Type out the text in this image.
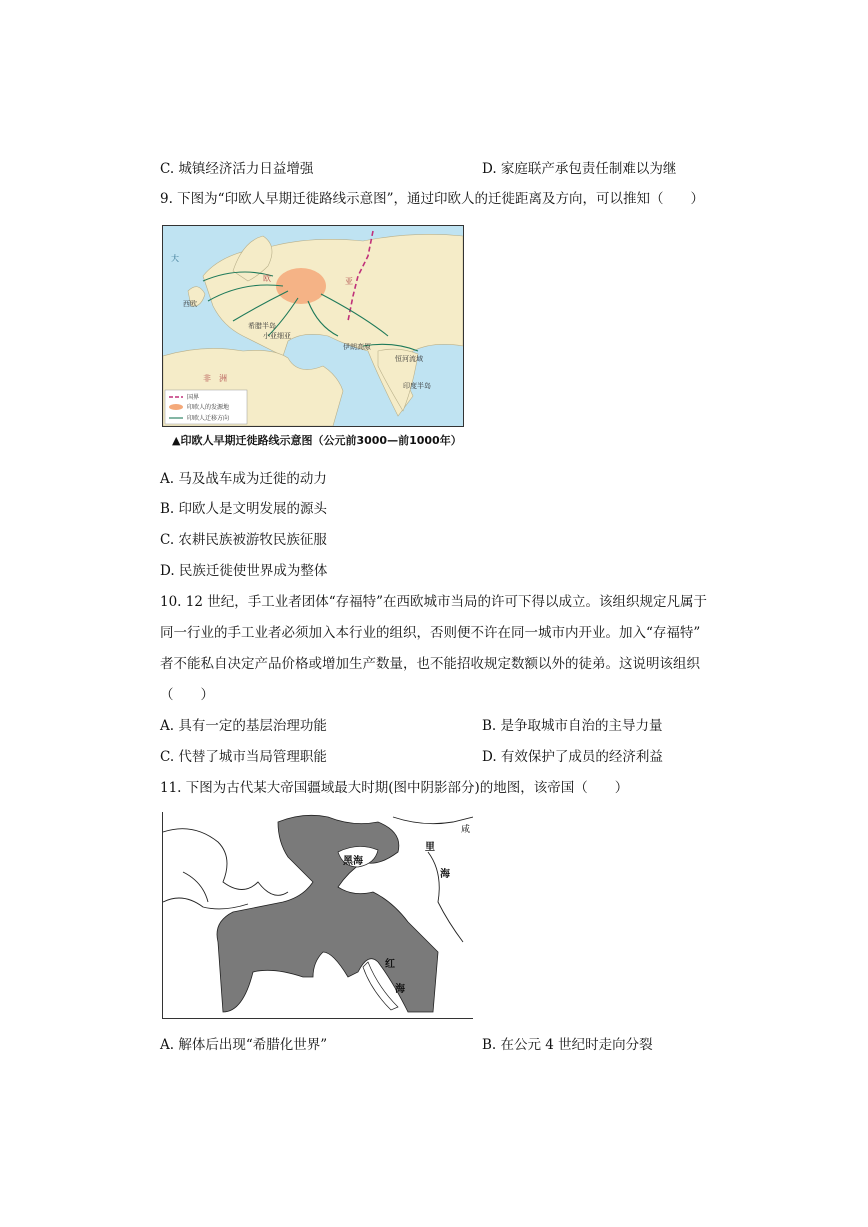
C. 城镇经济活力日益增强	D. 家庭联产承包责任制难以为继
9. 下图为“印欧人早期迁徙路线示意图”，通过印欧人的迁徙距离及方向，可以推知（　　）
大
西欧
希腊半岛
小亚细亚
伊朗高原
恒河流域
印度半岛
非　洲
亚
欧
国界
印欧人的发源地
印欧人迁移方向
▲印欧人早期迁徙路线示意图（公元前3000—前1000年）
A. 马及战车成为迁徙的动力
B. 印欧人是文明发展的源头
C. 农耕民族被游牧民族征服
D. 民族迁徙使世界成为整体
10. 12 世纪，手工业者团体“存福特”在西欧城市当局的许可下得以成立。该组织规定凡属于
同一行业的手工业者必须加入本行业的组织，否则便不许在同一城市内开业。加入“存福特”
者不能私自决定产品价格或增加生产数量，也不能招收规定数额以外的徒弟。这说明该组织
（　　）
A. 具有一定的基层治理功能	B. 是争取城市自治的主导力量
C. 代替了城市当局管理职能	D. 有效保护了成员的经济利益
11. 下图为古代某大帝国疆域最大时期(图中阴影部分)的地图，该帝国（　　）
黑海
里
海
红
海
咸
A. 解体后出现“希腊化世界”	B. 在公元 4 世纪时走向分裂
